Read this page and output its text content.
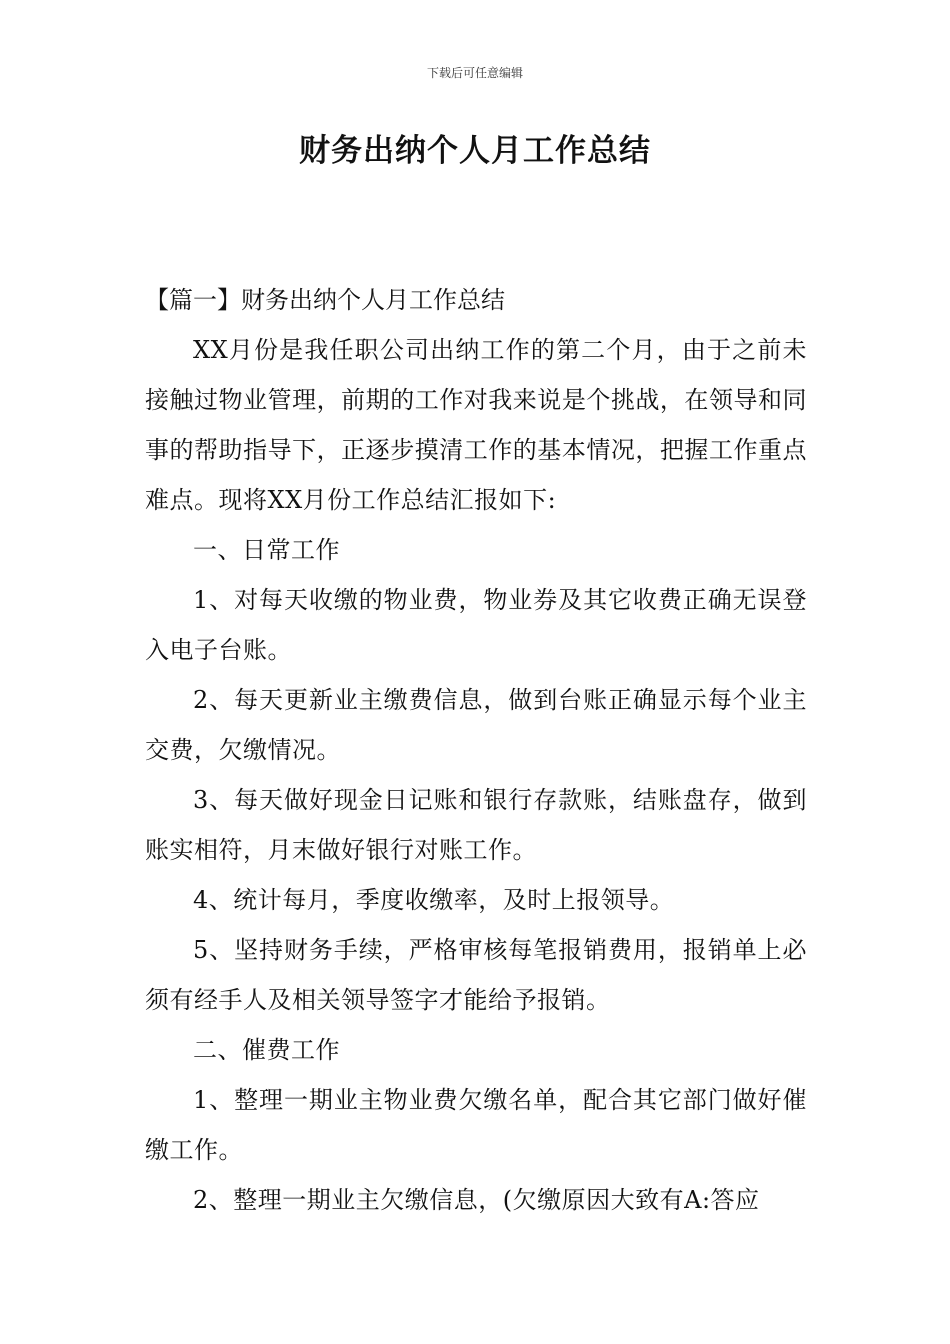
下载后可任意编辑
财务出纳个人月工作总结

【篇一】财务出纳个人月工作总结

XX月份是我任职公司出纳工作的第二个月，由于之前未接触过物业管理，前期的工作对我来说是个挑战，在领导和同事的帮助指导下，正逐步摸清工作的基本情况，把握工作重点难点。现将XX月份工作总结汇报如下:

一、日常工作

1、对每天收缴的物业费，物业券及其它收费正确无误登入电子台账。

2、每天更新业主缴费信息，做到台账正确显示每个业主交费，欠缴情况。

3、每天做好现金日记账和银行存款账，结账盘存，做到账实相符，月末做好银行对账工作。

4、统计每月，季度收缴率，及时上报领导。

5、坚持财务手续，严格审核每笔报销费用，报销单上必须有经手人及相关领导签字才能给予报销。

二、催费工作

1、整理一期业主物业费欠缴名单，配合其它部门做好催缴工作。

2、整理一期业主欠缴信息，(欠缴原因大致有A:答应
